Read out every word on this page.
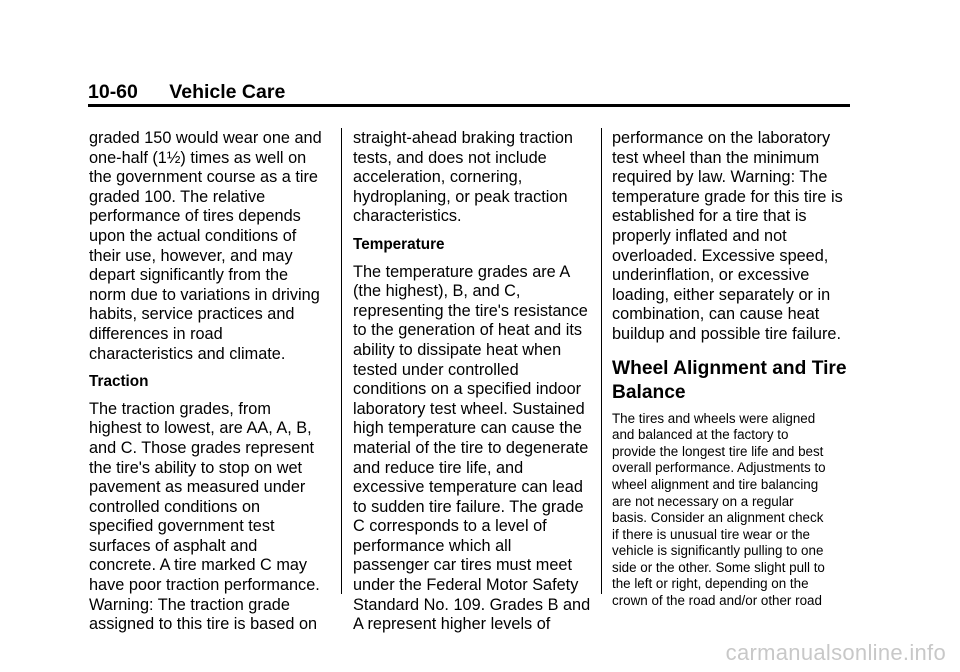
10-60 Vehicle Care
graded 150 would wear one and
one-half (1½) times as well on
the government course as a tire
graded 100. The relative
performance of tires depends
upon the actual conditions of
their use, however, and may
depart significantly from the
norm due to variations in driving
habits, service practices and
differences in road
characteristics and climate.
Traction
The traction grades, from
highest to lowest, are AA, A, B,
and C. Those grades represent
the tire's ability to stop on wet
pavement as measured under
controlled conditions on
specified government test
surfaces of asphalt and
concrete. A tire marked C may
have poor traction performance.
Warning: The traction grade
assigned to this tire is based on
straight-ahead braking traction
tests, and does not include
acceleration, cornering,
hydroplaning, or peak traction
characteristics.
Temperature
The temperature grades are A
(the highest), B, and C,
representing the tire's resistance
to the generation of heat and its
ability to dissipate heat when
tested under controlled
conditions on a specified indoor
laboratory test wheel. Sustained
high temperature can cause the
material of the tire to degenerate
and reduce tire life, and
excessive temperature can lead
to sudden tire failure. The grade
C corresponds to a level of
performance which all
passenger car tires must meet
under the Federal Motor Safety
Standard No. 109. Grades B and
A represent higher levels of
performance on the laboratory
test wheel than the minimum
required by law. Warning: The
temperature grade for this tire is
established for a tire that is
properly inflated and not
overloaded. Excessive speed,
underinflation, or excessive
loading, either separately or in
combination, can cause heat
buildup and possible tire failure.
Wheel Alignment and Tire
Balance
The tires and wheels were aligned
and balanced at the factory to
provide the longest tire life and best
overall performance. Adjustments to
wheel alignment and tire balancing
are not necessary on a regular
basis. Consider an alignment check
if there is unusual tire wear or the
vehicle is significantly pulling to one
side or the other. Some slight pull to
the left or right, depending on the
crown of the road and/or other road
carmanualsonline.info
